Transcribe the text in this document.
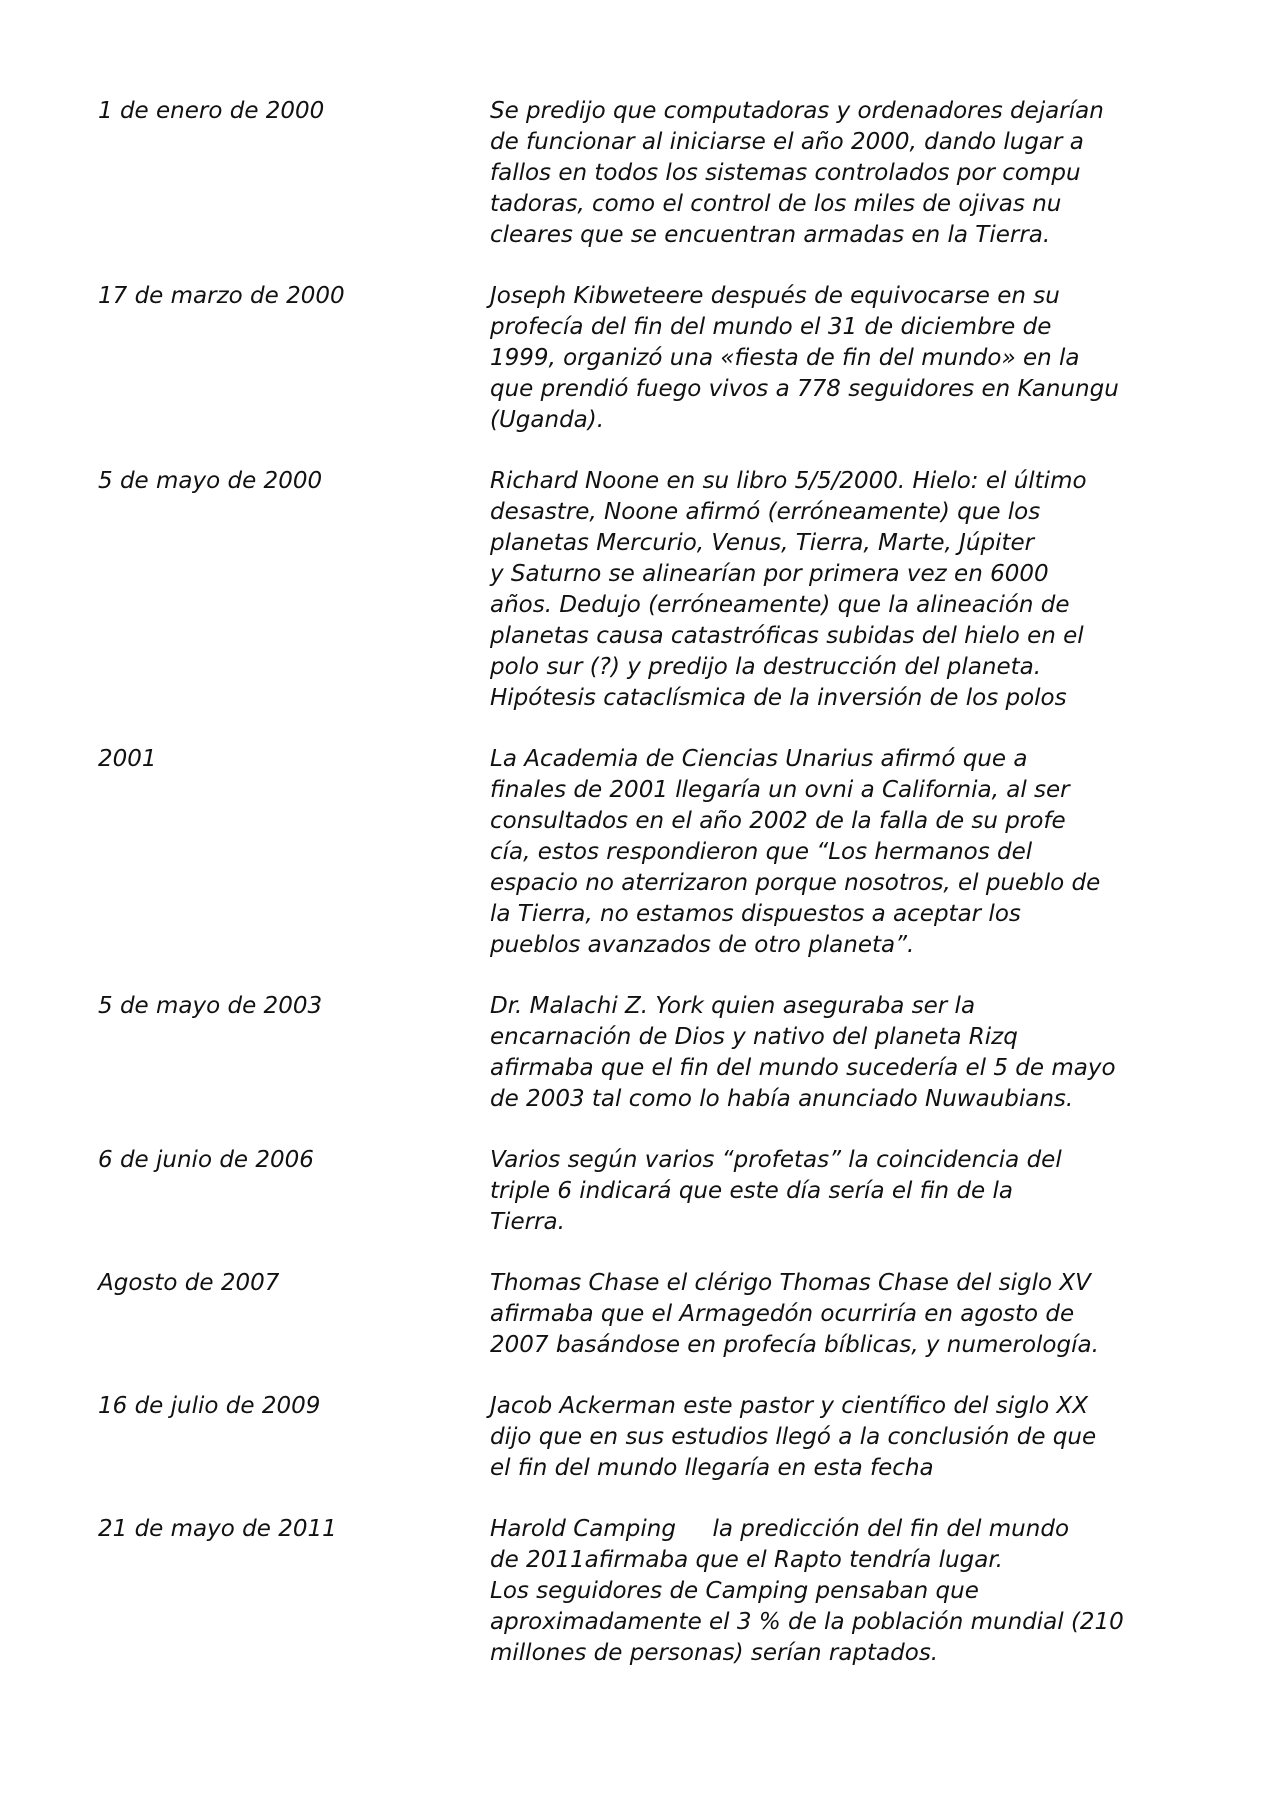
1 de enero de 2000	Se predijo que computadoras y ordenadores dejarían
de funcionar al iniciarse el año 2000, dando lugar a
fallos en todos los sistemas controlados por compu
tadoras, como el control de los miles de ojivas nu
cleares que se encuentran armadas en la Tierra.
17 de marzo de 2000	Joseph Kibweteere después de equivocarse en su
profecía del fin del mundo el 31 de diciembre de
1999, organizó una «fiesta de fin del mundo» en la
que prendió fuego vivos a 778 seguidores en Kanungu
(Uganda).
5 de mayo de 2000	Richard Noone en su libro 5/5/2000. Hielo: el último
desastre, Noone afirmó (erróneamente) que los
planetas Mercurio, Venus, Tierra, Marte, Júpiter
y Saturno se alinearían por primera vez en 6000
años. Dedujo (erróneamente) que la alineación de
planetas causa catastróficas subidas del hielo en el
polo sur (?) y predijo la destrucción del planeta.
Hipótesis cataclísmica de la inversión de los polos
2001	La Academia de Ciencias Unarius afirmó que a
finales de 2001 llegaría un ovni a California, al ser
consultados en el año 2002 de la falla de su profe
cía, estos respondieron que “Los hermanos del
espacio no aterrizaron porque nosotros, el pueblo de
la Tierra, no estamos dispuestos a aceptar los
pueblos avanzados de otro planeta”.
5 de mayo de 2003	Dr. Malachi Z. York quien aseguraba ser la
encarnación de Dios y nativo del planeta Rizq
afirmaba que el fin del mundo sucedería el 5 de mayo
de 2003 tal como lo había anunciado Nuwaubians.
6 de junio de 2006	Varios según varios “profetas” la coincidencia del
triple 6 indicará que este día sería el fin de la
Tierra.
Agosto de 2007	Thomas Chase el clérigo Thomas Chase del siglo XV
afirmaba que el Armagedón ocurriría en agosto de
2007 basándose en profecía bíblicas, y numerología.
16 de julio de 2009	Jacob Ackerman este pastor y científico del siglo XX
dijo que en sus estudios llegó a la conclusión de que
el fin del mundo llegaría en esta fecha
21 de mayo de 2011	Harold Camping     la predicción del fin del mundo
de 2011afirmaba que el Rapto tendría lugar.
Los seguidores de Camping pensaban que
aproximadamente el 3 % de la población mundial (210
millones de personas) serían raptados.
